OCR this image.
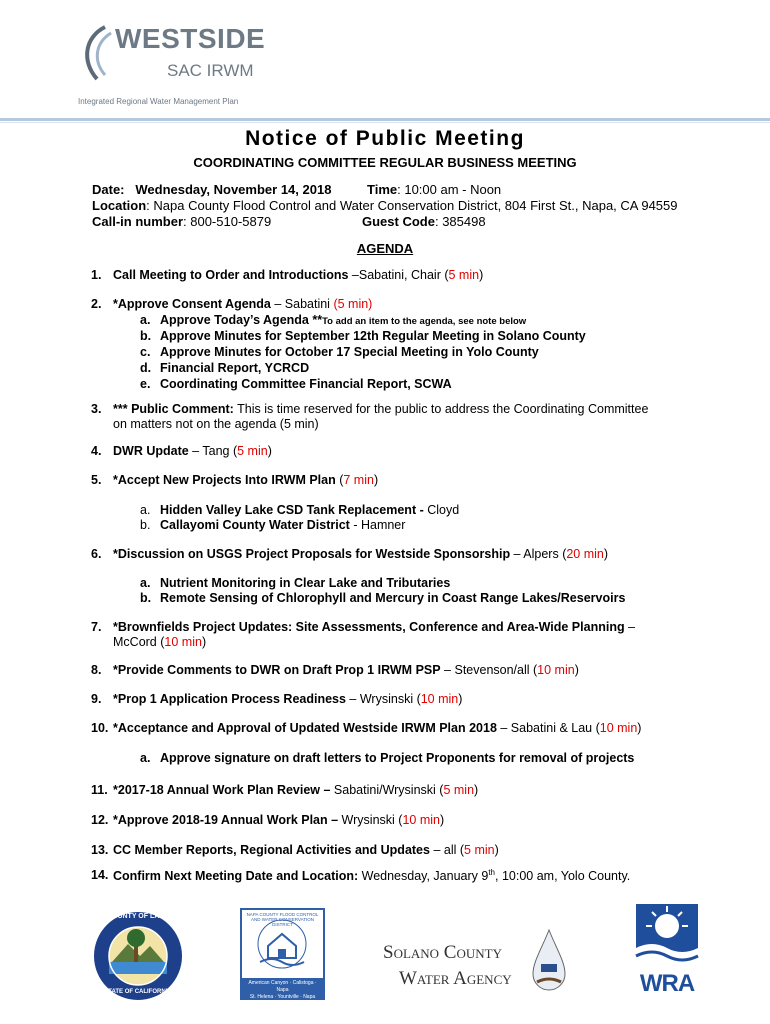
WESTSIDE
SAC IRWM
Integrated Regional Water Management Plan
Notice of Public Meeting
COORDINATING COMMITTEE REGULAR BUSINESS MEETING
Date: Wednesday, November 14, 2018	Time: 10:00 am - Noon
Location: Napa County Flood Control and Water Conservation District, 804 First St., Napa, CA 94559
Call-in number: 800-510-5879	Guest Code: 385498
AGENDA
1. Call Meeting to Order and Introductions –Sabatini, Chair (5 min)
2. *Approve Consent Agenda – Sabatini (5 min)
a. Approve Today’s Agenda **To add an item to the agenda, see note below
b. Approve Minutes for September 12th Regular Meeting in Solano County
c. Approve Minutes for October 17 Special Meeting in Yolo County
d. Financial Report, YCRCD
e. Coordinating Committee Financial Report, SCWA
3. *** Public Comment: This is time reserved for the public to address the Coordinating Committee
on matters not on the agenda (5 min)
4. DWR Update – Tang (5 min)
5. *Accept New Projects Into IRWM Plan (7 min)
a. Hidden Valley Lake CSD Tank Replacement - Cloyd
b. Callayomi County Water District - Hamner
6. *Discussion on USGS Project Proposals for Westside Sponsorship – Alpers (20 min)
a. Nutrient Monitoring in Clear Lake and Tributaries
b. Remote Sensing of Chlorophyll and Mercury in Coast Range Lakes/Reservoirs
7. *Brownfields Project Updates: Site Assessments, Conference and Area-Wide Planning –
McCord (10 min)
8. *Provide Comments to DWR on Draft Prop 1 IRWM PSP – Stevenson/all (10 min)
9. *Prop 1 Application Process Readiness – Wrysinski (10 min)
10. *Acceptance and Approval of Updated Westside IRWM Plan 2018 – Sabatini & Lau (10 min)
a. Approve signature on draft letters to Project Proponents for removal of projects
11. *2017-18 Annual Work Plan Review – Sabatini/Wrysinski (5 min)
12. *Approve 2018-19 Annual Work Plan – Wrysinski (10 min)
13. CC Member Reports, Regional Activities and Updates – all (5 min)
14. Confirm Next Meeting Date and Location: Wednesday, January 9th, 10:00 am, Yolo County.
COUNTY OF LAKE
STATE OF CALIFORNIA
NAPA COUNTY FLOOD CONTROL AND WATER CONSERVATION DISTRICT
American Canyon · Calistoga · Napa
St. Helena · Yountville · Napa County
Solano County
Water Agency	WRA
